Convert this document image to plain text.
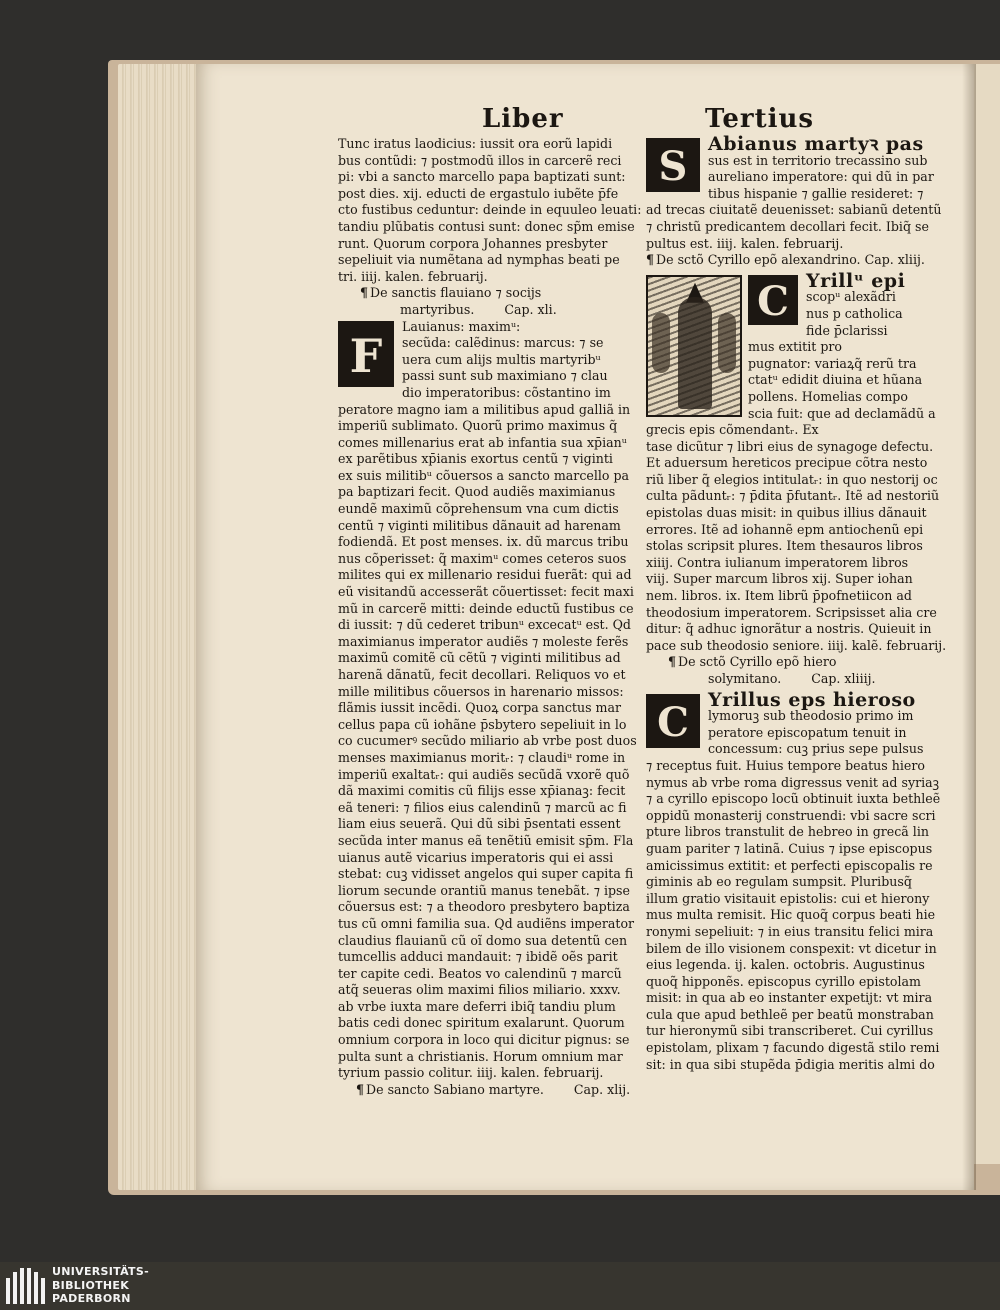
Liber	Tertius

Tunc iratus laodicius: iussit ora eorũ lapidi

bus contũdi: ⁊ postmodũ illos in carcerẽ reci

pi: vbi a sancto marcello papa baptizati sunt:

post dies. xij. educti de ergastulo iubẽte p̄fe

cto fustibus ceduntur: deinde in equuleo leuati:

tandiu plũbatis contusi sunt: donec sp̃m emise

runt. Quorum corpora Johannes presbyter

sepeliuit via numẽtana ad nymphas beati pe

tri. iiij. kalen. februarij.

¶ De sanctis flauiano ⁊ socijs

martyribus. Cap. xli.

F

Lauianus: maximᵘ:

secũda: calẽdinus: marcus: ⁊ se

uera cum alijs multis martyribᵘ

passi sunt sub maximiano ⁊ clau

dio imperatoribus: cõstantino im

peratore magno iam a militibus apud galliã in

imperiũ sublimato. Quorũ primo maximus q̃

comes millenarius erat ab infantia sua xp̄ianᵘ

ex parẽtibus xp̄ianis exortus centũ ⁊ viginti

ex suis militibᵘ cõuersos a sancto marcello pa

pa baptizari fecit. Quod audiẽs maximianus

eundẽ maximũ cõprehensum vna cum dictis

centũ ⁊ viginti militibus dãnauit ad harenam

fodiendã. Et post menses. ix. dũ marcus tribu

nus cõperisset: q̃ maximᵘ comes ceteros suos

milites qui ex millenario residui fuerãt: qui ad

eũ visitandũ accesserãt cõuertisset: fecit maxi

mũ in carcerẽ mitti: deinde eductũ fustibus ce

di iussit: ⁊ dũ cederet tribunᵘ excecatᵘ est. Qd

maximianus imperator audiẽs ⁊ moleste ferẽs

maximũ comitẽ cũ cẽtũ ⁊ viginti militibus ad

harenã dãnatũ, fecit decollari. Reliquos vo et

mille militibus cõuersos in harenario missos:

flãmis iussit incẽdi. Quoꝝ corpa sanctus mar

cellus papa cũ iohãne p̄sbytero sepeliuit in lo

co cucumerꝰ secũdo miliario ab vrbe post duos

menses maximianus moritᵣ: ⁊ claudiᵘ rome in

imperiũ exaltatᵣ: qui audiẽs secũdã vxorẽ quõ

dã maximi comitis cũ filijs esse xp̄ianaꝫ: fecit

eã teneri: ⁊ filios eius calendinũ ⁊ marcũ ac fi

liam eius seuerã. Qui dũ sibi p̄sentati essent

secũda inter manus eã tenẽtiũ emisit sp̄m. Fla

uianus autẽ vicarius imperatoris qui ei assi

stebat: cuꝫ vidisset angelos qui super capita fi

liorum secunde orantiũ manus tenebãt. ⁊ ipse

cõuersus est: ⁊ a theodoro presbytero baptiza

tus cũ omni familia sua. Qd audiẽns imperator

claudius flauianũ cũ oĩ domo sua detentũ cen

tumcellis adduci mandauit: ⁊ ibidẽ oẽs parit

ter capite cedi. Beatos vo calendinũ ⁊ marcũ

atq̃ seueras olim maximi filios miliario. xxxv.

ab vrbe iuxta mare deferri ibiq̃ tandiu plum

batis cedi donec spiritum exalarunt. Quorum

omnium corpora in loco qui dicitur pignus: se

pulta sunt a christianis. Horum omnium mar

tyrium passio colitur. iiij. kalen. februarij.

¶ De sancto Sabiano martyre. Cap. xlij.

S	Abianus martyꝛ pas

sus est in territorio trecassino sub

aureliano imperatore: qui dũ in par

tibus hispanie ⁊ gallie resideret: ⁊

ad trecas ciuitatẽ deuenisset: sabianũ detentũ

⁊ christũ predicantem decollari fecit. Ibiq̃ se

pultus est. iiij. kalen. februarij.

¶ De sctõ Cyrillo epõ alexandrino. Cap. xliij.

C Yrillᵘ epi

scopᵘ alexãdri

nus p catholica

fide p̄clarissi

mus extitit pro

pugnator: variaꝝq̃ rerũ tra

ctatᵘ edidit diuina et hũana

pollens. Homelias compo

scia fuit: que ad declamãdũ a

grecis epis cõmendantᵣ. Ex

tase dicũtur ⁊ libri eius de synagoge defectu.

Et aduersum hereticos precipue cõtra nesto

riũ liber q̃ elegios intitulatᵣ: in quo nestorij oc

culta pãduntᵣ: ⁊ p̄dita p̄futantᵣ. Itẽ ad nestoriũ

epistolas duas misit: in quibus illius dãnauit

errores. Itẽ ad iohannẽ epm antiochenũ epi

stolas scripsit plures. Item thesauros libros

xiiij. Contra iulianum imperatorem libros

viij. Super marcum libros xij. Super iohan

nem. libros. ix. Item librũ p̄pofnetiicon ad

theodosium imperatorem. Scripsisset alia cre

ditur: q̃ adhuc ignorãtur a nostris. Quieuit in

pace sub theodosio seniore. iiij. kalẽ. februarij.

¶ De sctõ Cyrillo epõ hiero

solymitano. Cap. xliiij.

C	Yrillus eps hieroso

lymoruꝫ sub theodosio primo im

peratore episcopatum tenuit in

concessum: cuꝫ prius sepe pulsus

⁊ receptus fuit. Huius tempore beatus hiero

nymus ab vrbe roma digressus venit ad syriaꝫ

⁊ a cyrillo episcopo locũ obtinuit iuxta bethleẽ

oppidũ monasterij construendi: vbi sacre scri

pture libros transtulit de hebreo in grecã lin

guam pariter ⁊ latinã. Cuius ⁊ ipse episcopus

amicissimus extitit: et perfecti episcopalis re

giminis ab eo regulam sumpsit. Pluribusq̃

illum gratio visitauit epistolis: cui et hierony

mus multa remisit. Hic quoq̃ corpus beati hie

ronymi sepeliuit: ⁊ in eius transitu felici mira

bilem de illo visionem conspexit: vt dicetur in

eius legenda. ij. kalen. octobris. Augustinus

quoq̃ hipponẽs. episcopus cyrillo epistolam

misit: in qua ab eo instanter expetijt: vt mira

cula que apud bethleẽ per beatũ monstraban

tur hieronymũ sibi transcriberet. Cui cyrillus

epistolam, plixam ⁊ facundo digestã stilo remi

sit: in qua sibi stupẽda p̄digia meritis almi do

UNIVERSITÄTS-

BIBLIOTHEK

PADERBORN
